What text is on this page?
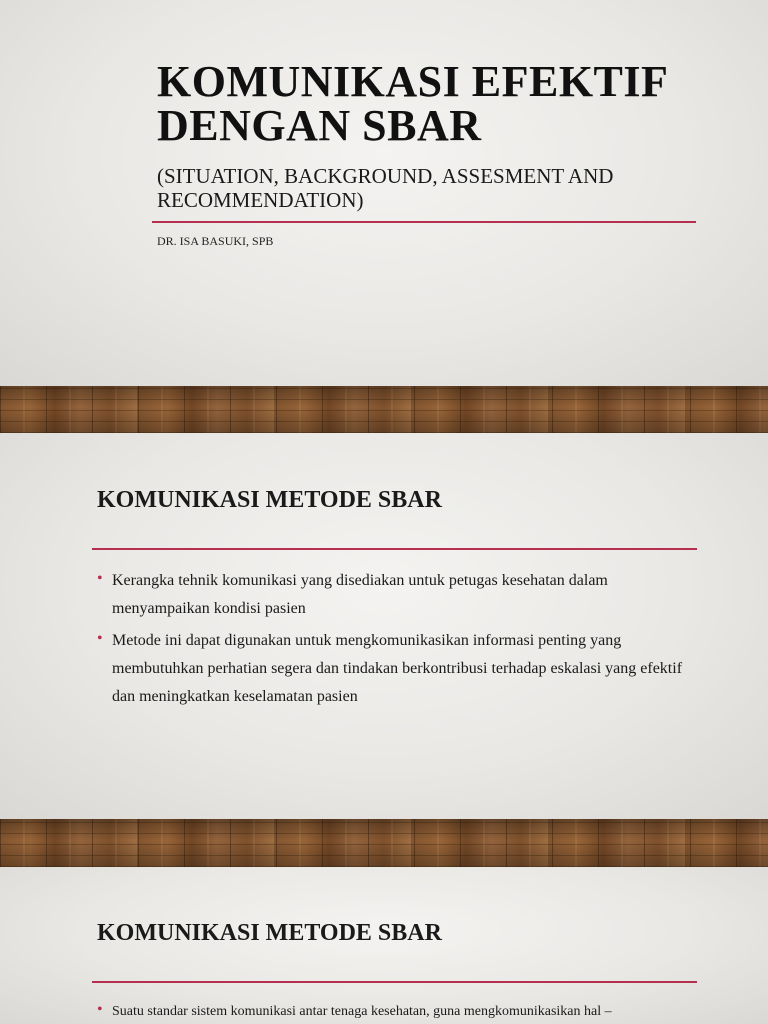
KOMUNIKASI EFEKTIF DENGAN SBAR

(SITUATION, BACKGROUND, ASSESMENT AND RECOMMENDATION)

DR. ISA BASUKI, SPB

KOMUNIKASI METODE SBAR
• Kerangka tehnik komunikasi yang disediakan untuk petugas kesehatan dalam menyampaikan kondisi pasien
• Metode ini dapat digunakan untuk mengkomunikasikan informasi penting yang membutuhkan perhatian segera dan tindakan berkontribusi terhadap eskalasi yang efektif dan meningkatkan keselamatan pasien
KOMUNIKASI METODE SBAR
• Suatu standar sistem komunikasi antar tenaga kesehatan, guna mengkomunikasikan hal –
